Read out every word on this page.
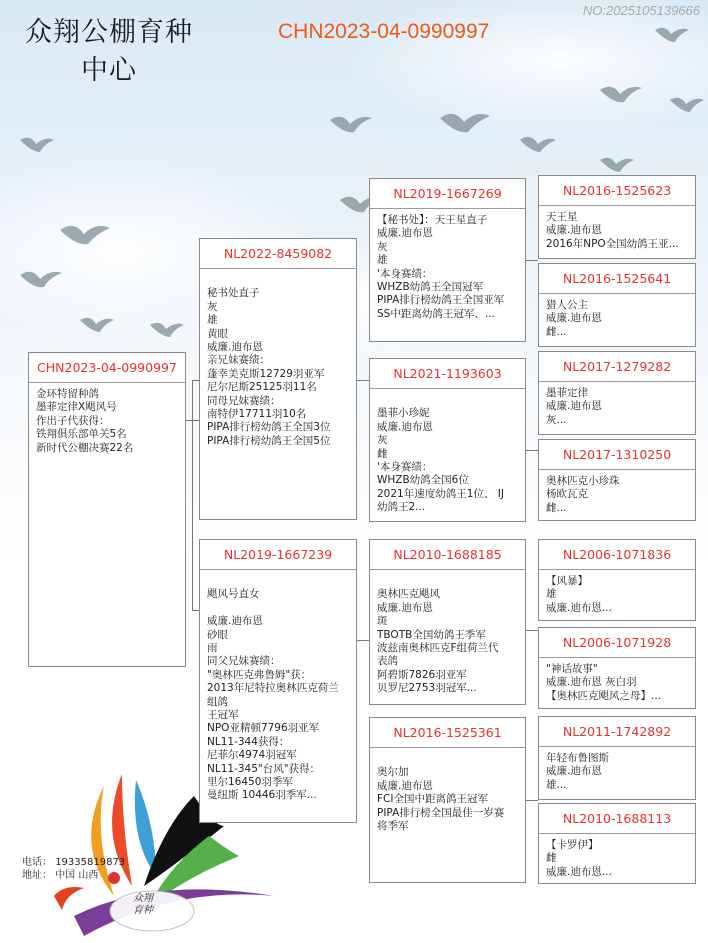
众翔公棚育种
中心
CHN2023-04-0990997
NO:2025105139666
CHN2023-04-0990997
金环特留种鸽
墨菲定律X飓风号
作出子代获得：
铁翔俱乐部单关5名
新时代公棚决赛22名
NL2022-8459082
秘书处直子
灰
雄
黄眼
威廉.迪布恩
亲兄妹赛绩：
蓬幸美克斯12729羽亚军
尼尔尼斯25125羽11名
同母兄妹赛绩：
南特伊17711羽10名
PIPA排行榜幼鸽王全国3位
PIPA排行榜幼鸽王全国5位
NL2019-1667239
飓风号直女
威廉.迪布恩
砂眼
雨
同父兄妹赛绩：
"奥林匹克弗鲁姆"获：
2013年尼特拉奥林匹克荷兰
组鸽
王冠军
NPO亚精顿7796羽亚军
NL11-344获得：
尼菲尔4974羽冠军
NL11-345"台风"获得：
里尔16450羽季军
曼纽斯 10446羽季军...
NL2019-1667269
【秘书处】：天王星直子
威廉.迪布恩
灰
雄
'本身赛绩：
WHZB幼鸽王全国冠军
PIPA排行榜幼鸽王全国亚军
SS中距离幼鸽王冠军、...
NL2021-1193603
墨菲小珍妮
威廉.迪布恩
灰
雌
'本身赛绩：
WHZB幼鸽全国6位
2021年速度幼鸽王1位、 IJ
幼鸽王2...
NL2010-1688185
奥林匹克飓风
威廉.迪布恩
斑
TBOTB全国幼鸽王季军
波兹南奥林匹克F组荷兰代
表鸽
阿碧斯7826羽亚军
贝罗尼2753羽冠军...
NL2016-1525361
奥尔加
威廉.迪布恩
FCI全国中距离鸽王冠军
PIPA排行榜全国最佳一岁赛
将季军
NL2016-1525623
天王星
威廉.迪布恩
2016年NPO全国幼鸽王亚...
NL2016-1525641
猎人公主
威廉.迪布恩
雌...
NL2017-1279282
墨菲定律
威廉.迪布恩
灰...
NL2017-1310250
奥林匹克小珍珠
杨欧瓦克
雌...
NL2006-1071836
【风暴】
雄
威廉.迪布恩...
NL2006-1071928
"神话故事"
威廉.迪布恩 灰白羽
【奥林匹克飓风之母】...
NL2011-1742892
年轻布鲁图斯
威廉.迪布恩
雄...
NL2010-1688113
【卡罗伊】
雌
威廉.迪布恩...
众翔
育种
电话： 19335819873
地址： 中国 山西
